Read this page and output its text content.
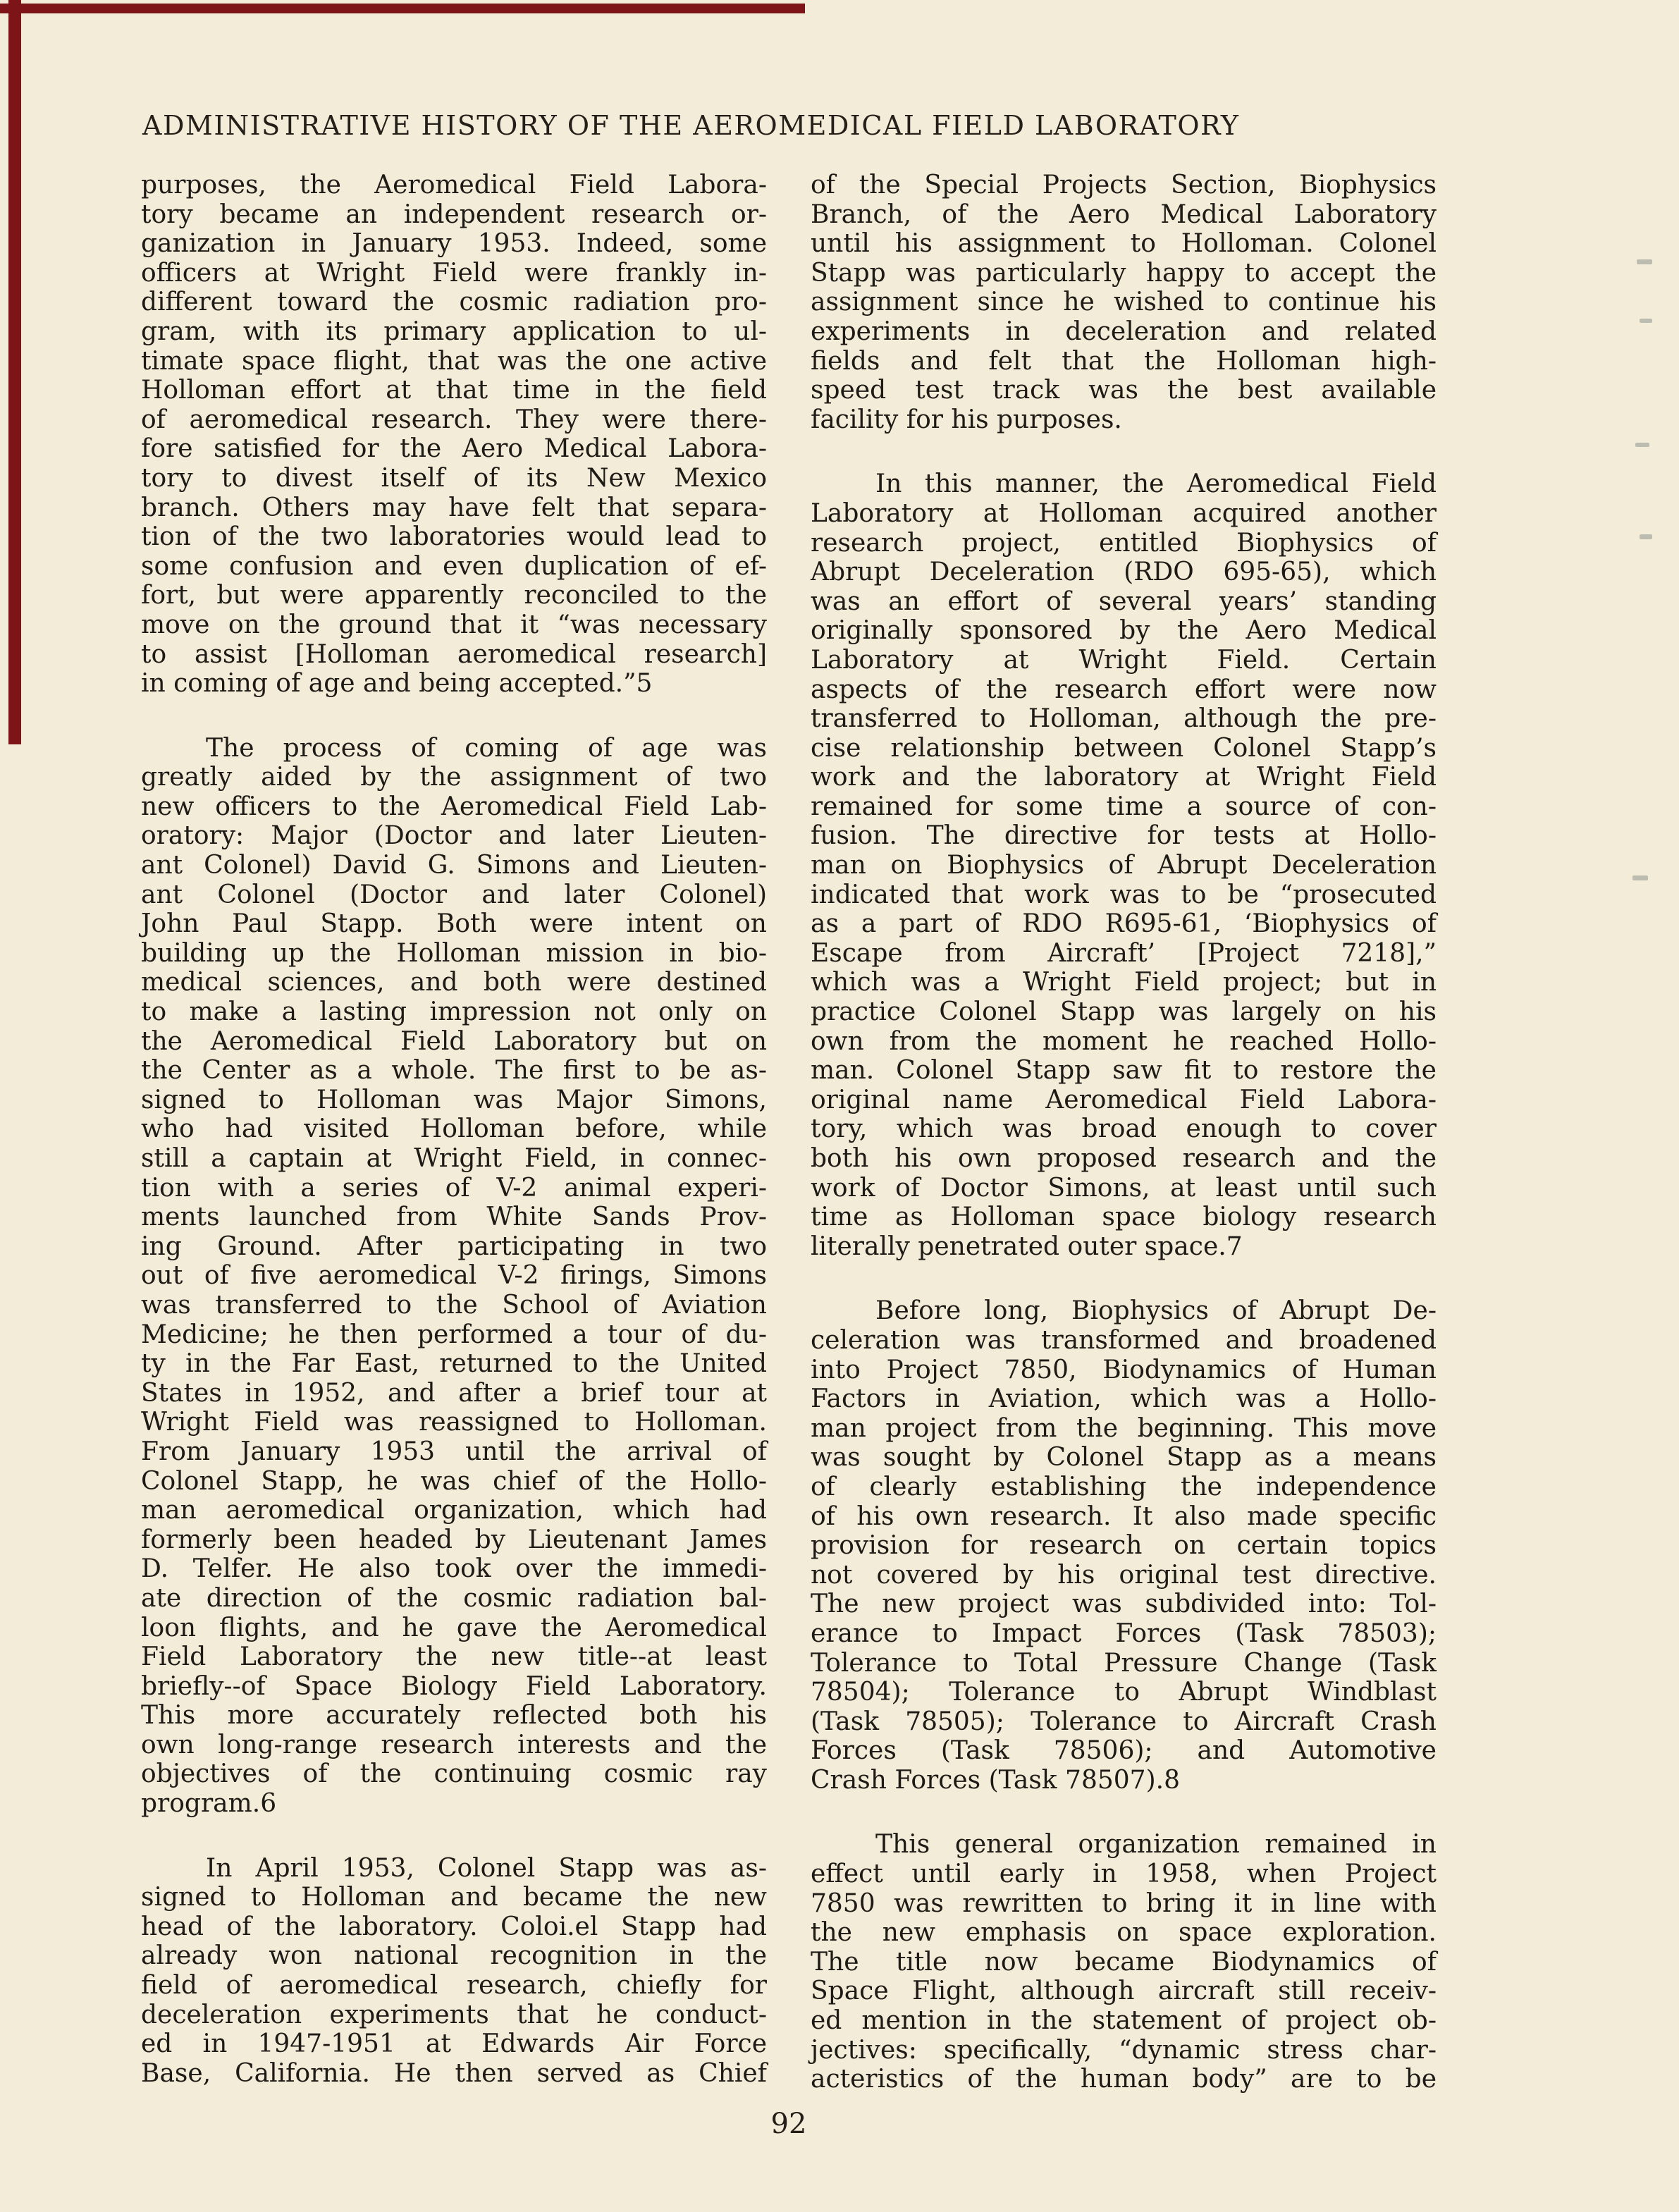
ADMINISTRATIVE HISTORY OF THE AEROMEDICAL FIELD LABORATORY
purposes, the Aeromedical Field Labora-
tory became an independent research or-
ganization in January 1953. Indeed, some
officers at Wright Field were frankly in-
different toward the cosmic radiation pro-
gram, with its primary application to ul-
timate space flight, that was the one active
Holloman effort at that time in the field
of aeromedical research. They were there-
fore satisfied for the Aero Medical Labora-
tory to divest itself of its New Mexico
branch. Others may have felt that separa-
tion of the two laboratories would lead to
some confusion and even duplication of ef-
fort, but were apparently reconciled to the
move on the ground that it “was necessary
to assist [Holloman aeromedical research]
in coming of age and being accepted.”5
The process of coming of age was
greatly aided by the assignment of two
new officers to the Aeromedical Field Lab-
oratory: Major (Doctor and later Lieuten-
ant Colonel) David G. Simons and Lieuten-
ant Colonel (Doctor and later Colonel)
John Paul Stapp. Both were intent on
building up the Holloman mission in bio-
medical sciences, and both were destined
to make a lasting impression not only on
the Aeromedical Field Laboratory but on
the Center as a whole. The first to be as-
signed to Holloman was Major Simons,
who had visited Holloman before, while
still a captain at Wright Field, in connec-
tion with a series of V-2 animal experi-
ments launched from White Sands Prov-
ing Ground. After participating in two
out of five aeromedical V-2 firings, Simons
was transferred to the School of Aviation
Medicine; he then performed a tour of du-
ty in the Far East, returned to the United
States in 1952, and after a brief tour at
Wright Field was reassigned to Holloman.
From January 1953 until the arrival of
Colonel Stapp, he was chief of the Hollo-
man aeromedical organization, which had
formerly been headed by Lieutenant James
D. Telfer. He also took over the immedi-
ate direction of the cosmic radiation bal-
loon flights, and he gave the Aeromedical
Field Laboratory the new title--at least
briefly--of Space Biology Field Laboratory.
This more accurately reflected both his
own long-range research interests and the
objectives of the continuing cosmic ray
program.6
In April 1953, Colonel Stapp was as-
signed to Holloman and became the new
head of the laboratory. Coloi.el Stapp had
already won national recognition in the
field of aeromedical research, chiefly for
deceleration experiments that he conduct-
ed in 1947-1951 at Edwards Air Force
Base, California. He then served as Chief
of the Special Projects Section, Biophysics
Branch, of the Aero Medical Laboratory
until his assignment to Holloman. Colonel
Stapp was particularly happy to accept the
assignment since he wished to continue his
experiments in deceleration and related
fields and felt that the Holloman high-
speed test track was the best available
facility for his purposes.
In this manner, the Aeromedical Field
Laboratory at Holloman acquired another
research project, entitled Biophysics of
Abrupt Deceleration (RDO 695-65), which
was an effort of several years’ standing
originally sponsored by the Aero Medical
Laboratory at Wright Field. Certain
aspects of the research effort were now
transferred to Holloman, although the pre-
cise relationship between Colonel Stapp’s
work and the laboratory at Wright Field
remained for some time a source of con-
fusion. The directive for tests at Hollo-
man on Biophysics of Abrupt Deceleration
indicated that work was to be “prosecuted
as a part of RDO R695-61, ‘Biophysics of
Escape from Aircraft’ [Project 7218],”
which was a Wright Field project; but in
practice Colonel Stapp was largely on his
own from the moment he reached Hollo-
man. Colonel Stapp saw fit to restore the
original name Aeromedical Field Labora-
tory, which was broad enough to cover
both his own proposed research and the
work of Doctor Simons, at least until such
time as Holloman space biology research
literally penetrated outer space.7
Before long, Biophysics of Abrupt De-
celeration was transformed and broadened
into Project 7850, Biodynamics of Human
Factors in Aviation, which was a Hollo-
man project from the beginning. This move
was sought by Colonel Stapp as a means
of clearly establishing the independence
of his own research. It also made specific
provision for research on certain topics
not covered by his original test directive.
The new project was subdivided into: Tol-
erance to Impact Forces (Task 78503);
Tolerance to Total Pressure Change (Task
78504); Tolerance to Abrupt Windblast
(Task 78505); Tolerance to Aircraft Crash
Forces (Task 78506); and Automotive
Crash Forces (Task 78507).8
This general organization remained in
effect until early in 1958, when Project
7850 was rewritten to bring it in line with
the new emphasis on space exploration.
The title now became Biodynamics of
Space Flight, although aircraft still receiv-
ed mention in the statement of project ob-
jectives: specifically, “dynamic stress char-
acteristics of the human body” are to be
92
